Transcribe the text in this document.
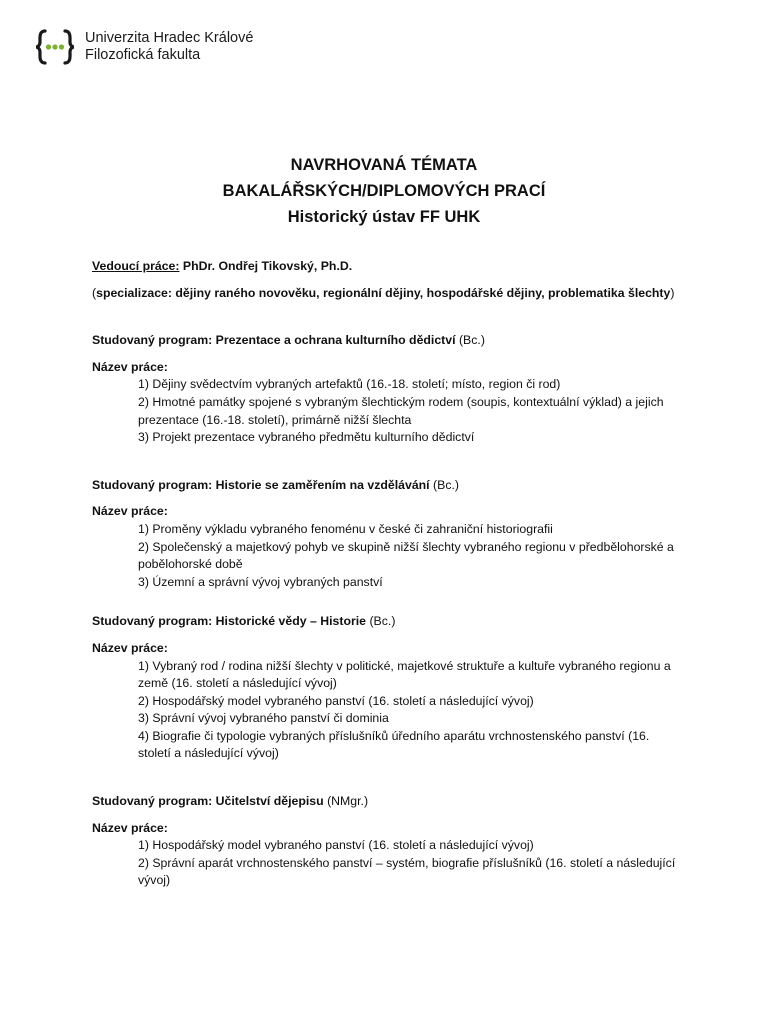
Univerzita Hradec Králové
Filozofická fakulta
NAVRHOVANÁ TÉMATA
BAKALÁŘSKÝCH/DIPLOMOVÝCH PRACÍ
Historický ústav FF UHK

Vedoucí práce: PhDr. Ondřej Tikovský, Ph.D.

(specializace: dějiny raného novověku, regionální dějiny, hospodářské dějiny, problematika šlechty)

Studovaný program: Prezentace a ochrana kulturního dědictví (Bc.)

Název práce:

1) Dějiny svědectvím vybraných artefaktů (16.-18. století; místo, region či rod)
2) Hmotné památky spojené s vybraným šlechtickým rodem (soupis, kontextuální výklad) a jejich prezentace (16.-18. století), primárně nižší šlechta
3) Projekt prezentace vybraného předmětu kulturního dědictví

Studovaný program: Historie se zaměřením na vzdělávání (Bc.)

Název práce:

1) Proměny výkladu vybraného fenoménu v české či zahraniční historiografii
2) Společenský a majetkový pohyb ve skupině nižší šlechty vybraného regionu v předbělohorské a pobělohorské době
3) Územní a správní vývoj vybraných panství

Studovaný program: Historické vědy – Historie (Bc.)

Název práce:

1) Vybraný rod / rodina nižší šlechty v politické, majetkové struktuře a kultuře vybraného regionu a země (16. století a následující vývoj)
2) Hospodářský model vybraného panství (16. století a následující vývoj)
3) Správní vývoj vybraného panství či dominia
4) Biografie či typologie vybraných příslušníků úředního aparátu vrchnostenského panství (16. století a následující vývoj)

Studovaný program: Učitelství dějepisu (NMgr.)

Název práce:

1) Hospodářský model vybraného panství (16. století a následující vývoj)
2) Správní aparát vrchnostenského panství – systém, biografie příslušníků (16. století a následující vývoj)
